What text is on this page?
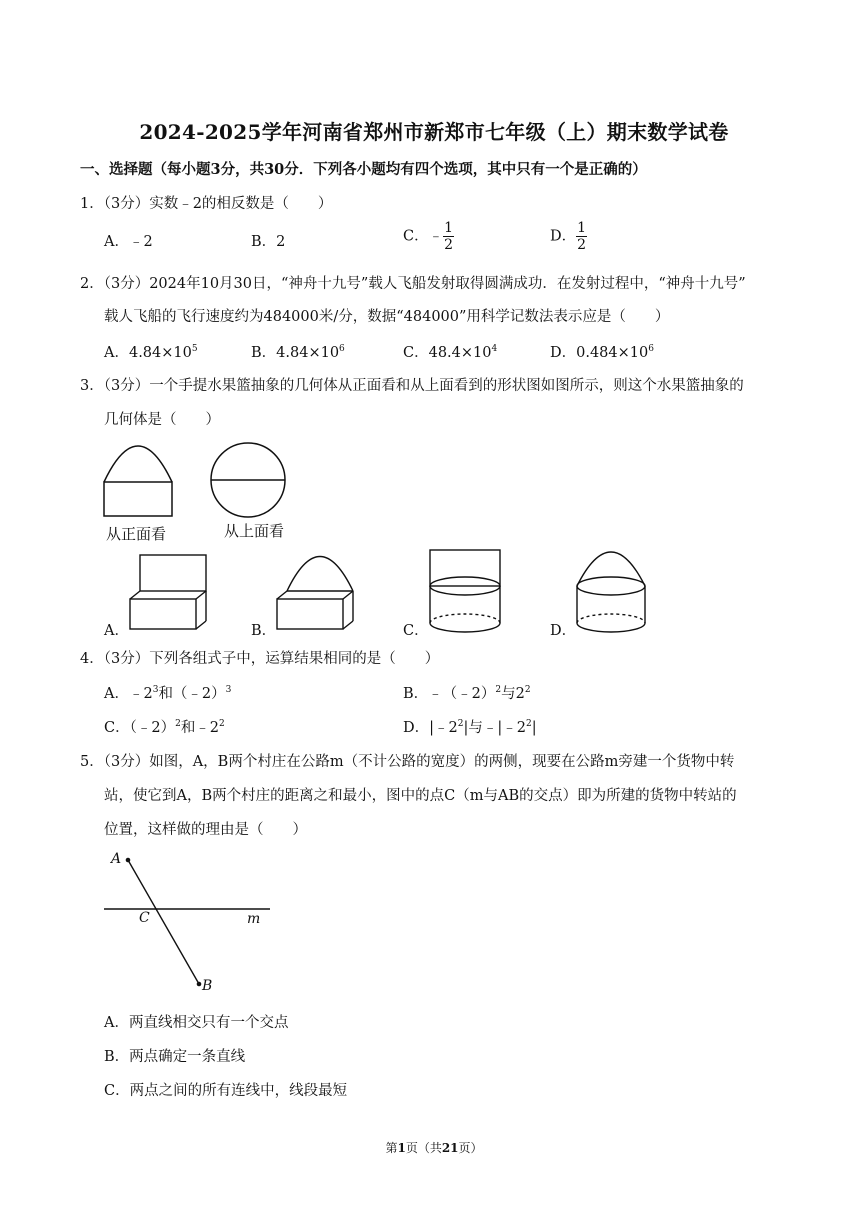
2024-2025学年河南省郑州市新郑市七年级（上）期末数学试卷
一、选择题（每小题3分，共30分．下列各小题均有四个选项，其中只有一个是正确的）
1．（3分）实数﹣2的相反数是（　　）
A．﹣2	B．2	C．﹣ $\frac{1}{2}$	D． $\frac{1}{2}$
2．（3分）2024年10月30日，“神舟十九号”载人飞船发射取得圆满成功．在发射过程中，“神舟十九号”
载人飞船的飞行速度约为484000米/分，数据“484000”用科学记数法表示应是（　　）
A．$4.84\times 10^5$	B．$4.84\times 10^6$	C．$48.4\times 10^4$	D．$0.484\times 10^6$
3．（3分）一个手提水果篮抽象的几何体从正面看和从上面看到的形状图如图所示，则这个水果篮抽象的
几何体是（　　）
从正面看	从上面看
A．	B．	C．	D．
4．（3分）下列各组式子中，运算结果相同的是（　　）
A．$﹣2^3$和（﹣2）$^3$	B．﹣（﹣2）$^2$与$2^2$
C．（﹣2）$^2$和$﹣2^2$	D．$|﹣2^2|$与$﹣|﹣2^2|$
5．（3分）如图，A，B两个村庄在公路m（不计公路的宽度）的两侧，现要在公路m旁建一个货物中转
站，使它到A，B两个村庄的距离之和最小，图中的点C（m与AB的交点）即为所建的货物中转站的
位置，这样做的理由是（　　）
A
C	m
B
A．两直线相交只有一个交点
B．两点确定一条直线
C．两点之间的所有连线中，线段最短
第1页（共21页）
